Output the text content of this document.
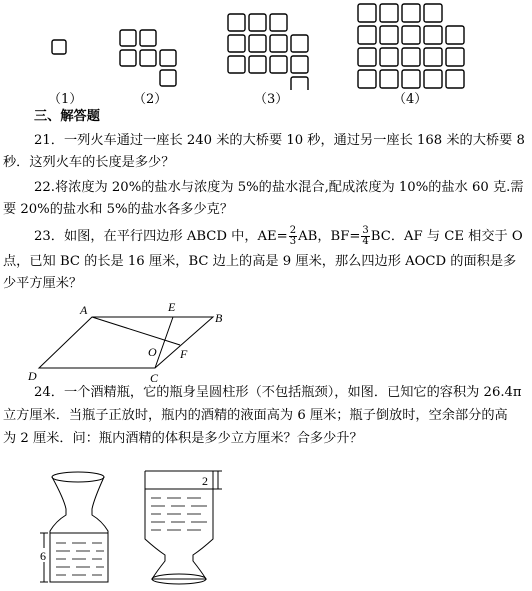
（1）	（2）	（3）	（4）
三、解答题
21．一列火车通过一座长 240 米的大桥要 10 秒，通过另一座长 168 米的大桥要 8
秒．这列火车的长度是多少？
22.将浓度为 20%的盐水与浓度为 5%的盐水混合,配成浓度为 10%的盐水 60 克.需
要 20%的盐水和 5%的盐水各多少克？
23．如图，在平行四边形 ABCD 中，$AE= \frac{2}{3}$ AB，$BF= \frac{3}{4}$ BC．AF 与 CE 相交于 O
点，已知 BC 的长是 16 厘米，BC 边上的高是 9 厘米，那么四边形 AOCD 的面积是多
少平方厘米？
A	E
B
O F
D	C
24．一个酒精瓶，它的瓶身呈圆柱形（不包括瓶颈），如图．已知它的容积为 26.4π
立方厘米．当瓶子正放时，瓶内的酒精的液面高为 6 厘米；瓶子倒放时，空余部分的高
为 2 厘米．问：瓶内酒精的体积是多少立方厘米？合多少升？
6
2
